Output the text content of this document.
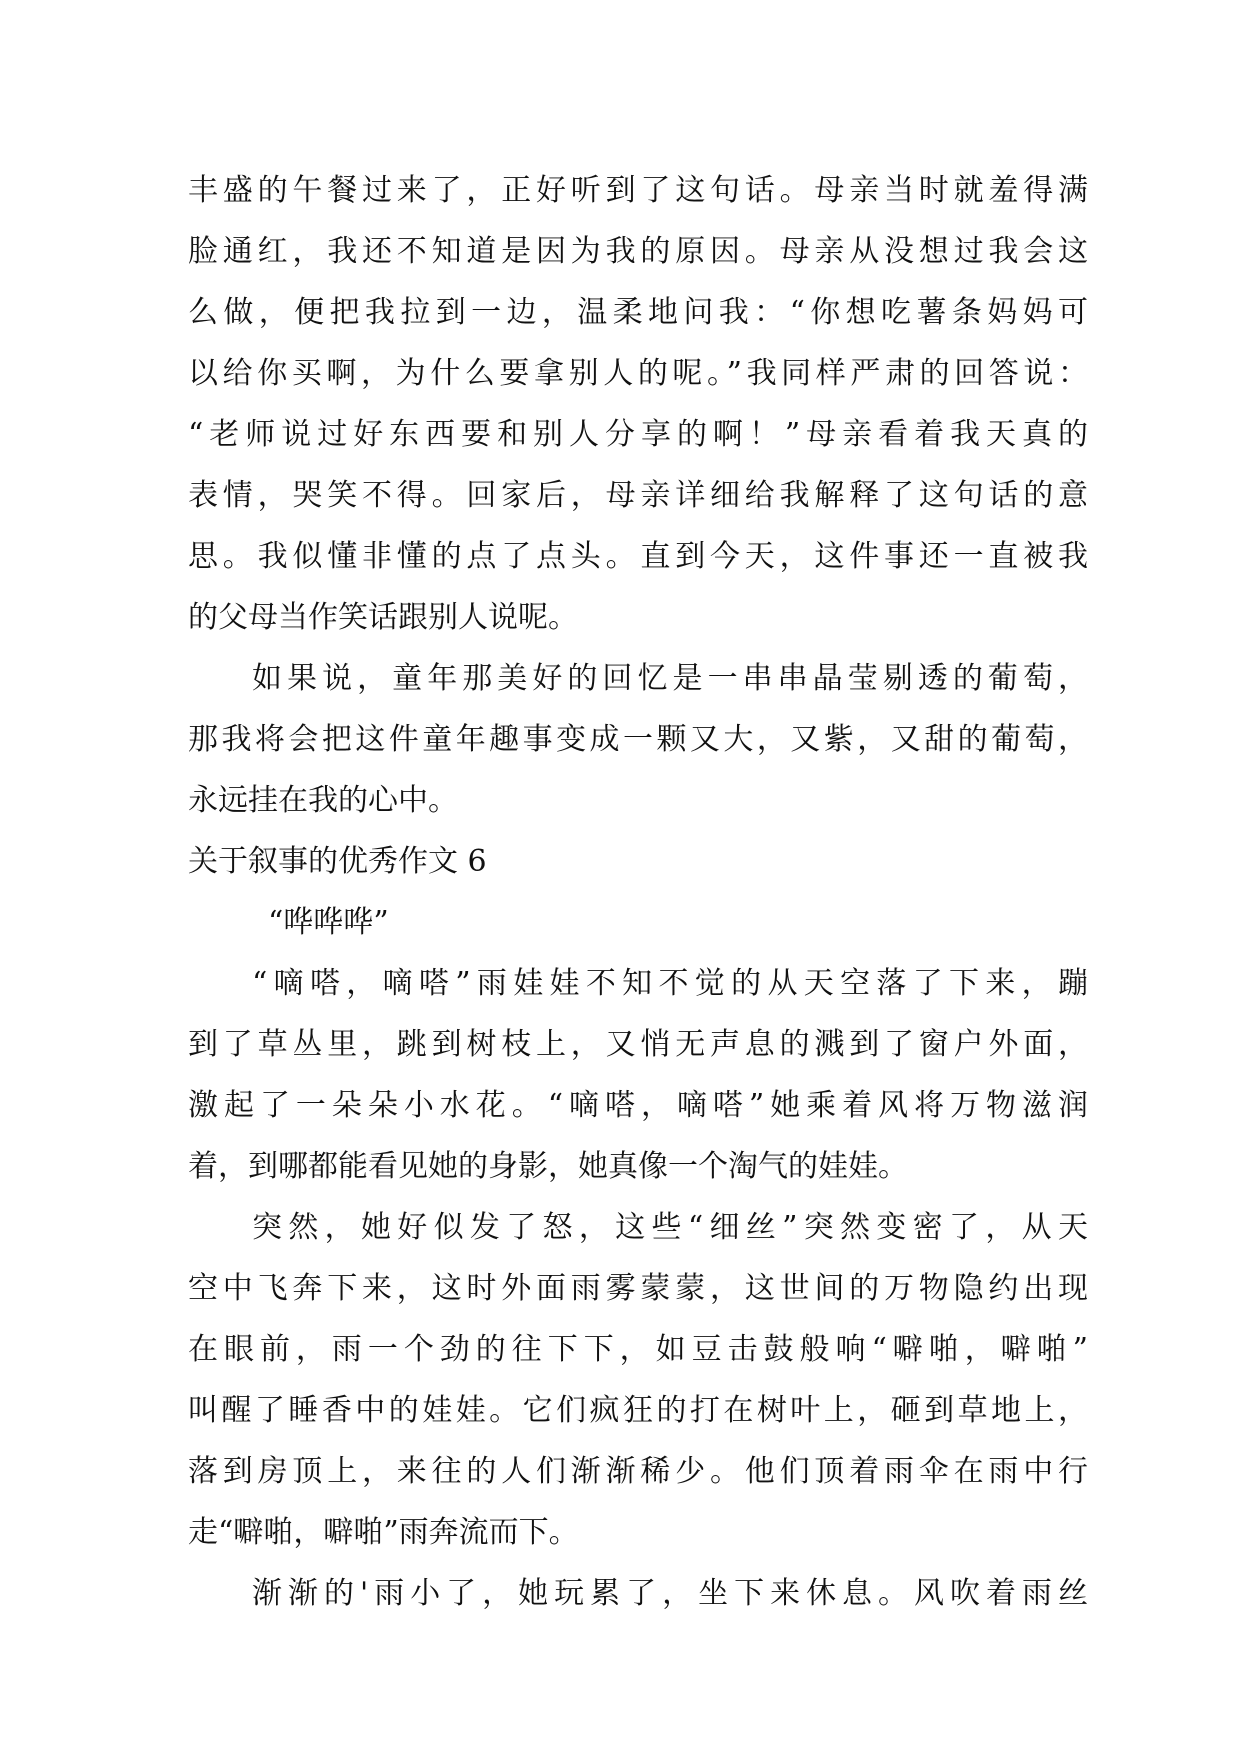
丰盛的午餐过来了，正好听到了这句话。母亲当时就羞得满
脸通红，我还不知道是因为我的原因。母亲从没想过我会这
么做，便把我拉到一边，温柔地问我：“你想吃薯条妈妈可
以给你买啊，为什么要拿别人的呢。”我同样严肃的回答说：
“老师说过好东西要和别人分享的啊！”母亲看着我天真的
表情，哭笑不得。回家后，母亲详细给我解释了这句话的意
思。我似懂非懂的点了点头。直到今天，这件事还一直被我
的父母当作笑话跟别人说呢。
如果说，童年那美好的回忆是一串串晶莹剔透的葡萄，
那我将会把这件童年趣事变成一颗又大，又紫，又甜的葡萄，
永远挂在我的心中。
关于叙事的优秀作文 6
“哗哗哗”
“嘀嗒，嘀嗒”雨娃娃不知不觉的从天空落了下来，蹦
到了草丛里，跳到树枝上，又悄无声息的溅到了窗户外面，
激起了一朵朵小水花。“嘀嗒，嘀嗒”她乘着风将万物滋润
着，到哪都能看见她的身影，她真像一个淘气的娃娃。
突然，她好似发了怒，这些“细丝”突然变密了，从天
空中飞奔下来，这时外面雨雾蒙蒙，这世间的万物隐约出现
在眼前，雨一个劲的往下下，如豆击鼓般响“噼啪，噼啪”
叫醒了睡香中的娃娃。它们疯狂的打在树叶上，砸到草地上，
落到房顶上，来往的人们渐渐稀少。他们顶着雨伞在雨中行
走“噼啪，噼啪”雨奔流而下。
渐渐的'雨小了，她玩累了，坐下来休息。风吹着雨丝
